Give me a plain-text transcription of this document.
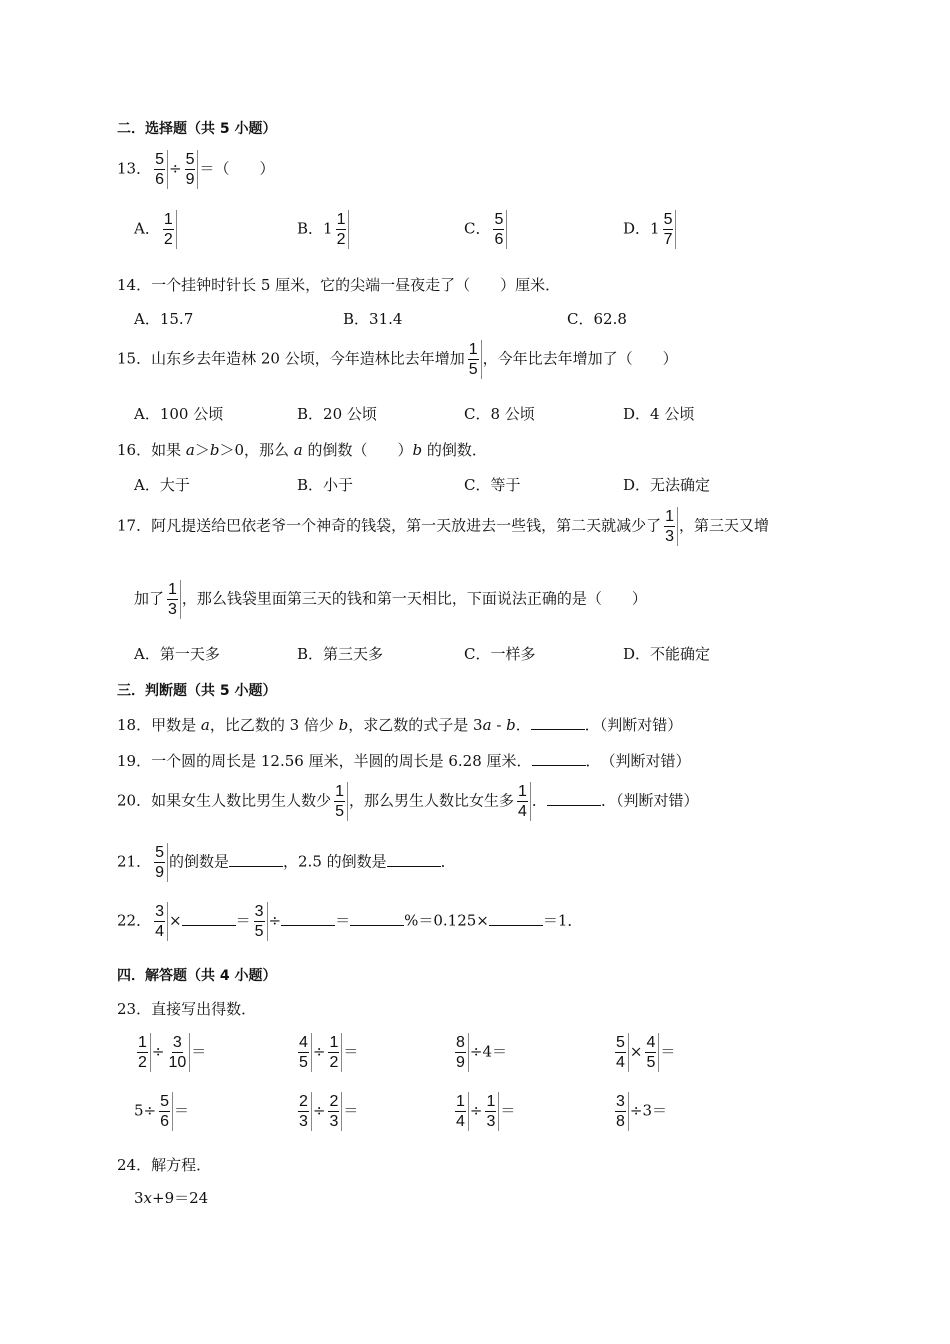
二．选择题（共 5 小题）
13． $\frac{5}{6} \div \frac{5}{9}$ ＝（　　）
A． $\frac{1}{2}$	B．$1 \frac{1}{2}$	C． $\frac{5}{6}$	D．$1 \frac{5}{7}$
14．一个挂钟时针长 5 厘米，它的尖端一昼夜走了（　　）厘米．
A．15.7	B．31.4	C．62.8
15．山东乡去年造林 20 公顷，今年造林比去年增加 $\frac{1}{5}$ ，今年比去年增加了（　　）
A．100 公顷	B．20 公顷	C．8 公顷	D．4 公顷
16．如果 a＞b＞0，那么 a 的倒数（　　）b 的倒数．
A．大于	B．小于	C．等于	D．无法确定
17．阿凡提送给巴依老爷一个神奇的钱袋，第一天放进去一些钱，第二天就减少了 $\frac{1}{3}$ ，第三天又增
加了 $\frac{1}{3}$ ，那么钱袋里面第三天的钱和第一天相比，下面说法正确的是（　　）
A．第一天多	B．第三天多	C．一样多	D．不能确定
三．判断题（共 5 小题）
18．甲数是 a，比乙数的 3 倍少 b，求乙数的式子是 3a - b．	．（判断对错）
19．一个圆的周长是 12.56 厘米，半圆的周长是 6.28 厘米．	．　（判断对错）
20．如果女生人数比男生人数少 $\frac{1}{5}$ ，那么男生人数比女生多 $\frac{1}{4}$ ．	．（判断对错）
21． $\frac{5}{9}$ 的倒数是	，2.5 的倒数是	．
22． $\frac{3}{4}$ ×	＝ $\frac{3}{5}$ ÷	＝	%＝0.125×	＝1．
四．解答题（共 4 小题）
23．直接写出得数．
$\frac{1}{2} \div \frac{3}{10}$ ＝	$\frac{4}{5} \div \frac{1}{2}$ ＝	$\frac{8}{9} \div 4=$	$\frac{5}{4} \times \frac{4}{5}$ ＝
$5\div \frac{5}{6}$ ＝	$\frac{2}{3} \div \frac{2}{3}$ ＝	$\frac{1}{4} \div \frac{1}{3}$ ＝	$\frac{3}{8} \div 3=$
24．解方程．
3x+9＝24
